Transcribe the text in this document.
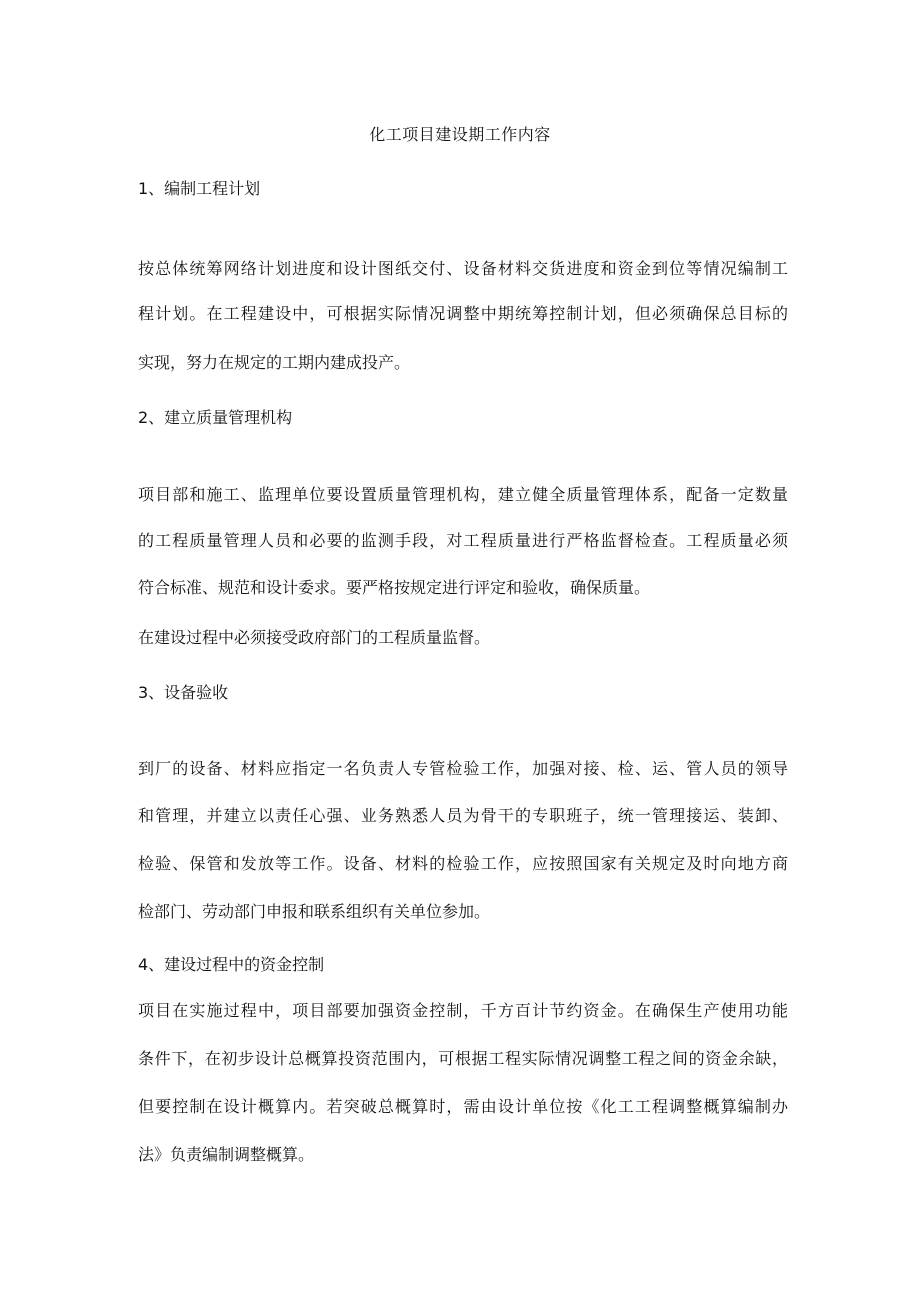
化工项目建设期工作内容
1、编制工程计划
按总体统筹网络计划进度和设计图纸交付、设备材料交货进度和资金到位等情况编制工
程计划。在工程建设中，可根据实际情况调整中期统筹控制计划，但必须确保总目标的
实现，努力在规定的工期内建成投产。
2、建立质量管理机构
项目部和施工、监理单位要设置质量管理机构，建立健全质量管理体系，配备一定数量
的工程质量管理人员和必要的监测手段，对工程质量进行严格监督检查。工程质量必须
符合标准、规范和设计委求。要严格按规定进行评定和验收，确保质量。
在建设过程中必须接受政府部门的工程质量监督。
3、设备验收
到厂的设备、材料应指定一名负责人专管检验工作，加强对接、检、运、管人员的领导
和管理，并建立以责任心强、业务熟悉人员为骨干的专职班子，统一管理接运、装卸、
检验、保管和发放等工作。设备、材料的检验工作，应按照国家有关规定及时向地方商
检部门、劳动部门申报和联系组织有关单位参加。
4、建设过程中的资金控制
项目在实施过程中，项目部要加强资金控制，千方百计节约资金。在确保生产使用功能
条件下，在初步设计总概算投资范围内，可根据工程实际情况调整工程之间的资金余缺，
但要控制在设计概算内。若突破总概算时，需由设计单位按《化工工程调整概算编制办
法》负责编制调整概算。
